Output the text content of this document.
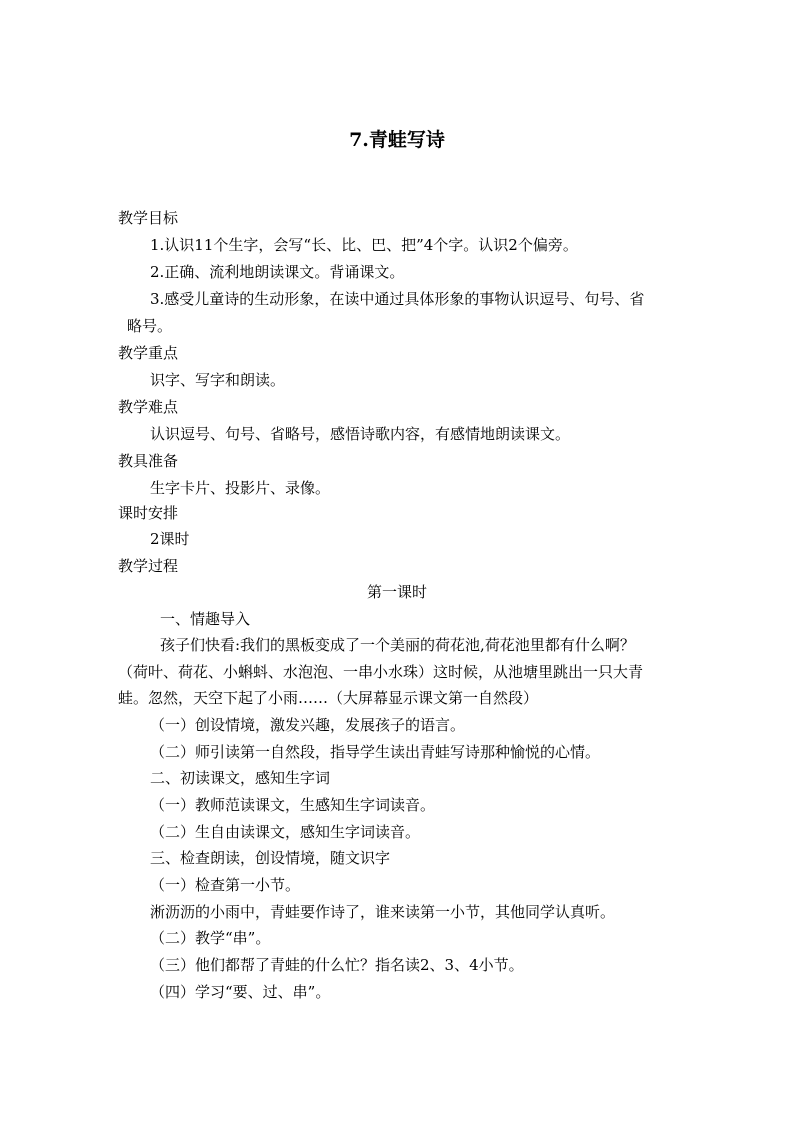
7.青蛙写诗
教学目标
1.认识11个生字，会写“长、比、巴、把”4个字。认识2个偏旁。
2.正确、流利地朗读课文。背诵课文。
3.感受儿童诗的生动形象，在读中通过具体形象的事物认识逗号、句号、省
略号。
教学重点
识字、写字和朗读。
教学难点
认识逗号、句号、省略号，感悟诗歌内容，有感情地朗读课文。
教具准备
生字卡片、投影片、录像。
课时安排
2课时
教学过程
第一课时
一、情趣导入
孩子们快看:我们的黑板变成了一个美丽的荷花池,荷花池里都有什么啊？
（荷叶、荷花、小蝌蚪、水泡泡、一串小水珠）这时候，从池塘里跳出一只大青
蛙。忽然，天空下起了小雨……（大屏幕显示课文第一自然段）
（一）创设情境，激发兴趣，发展孩子的语言。
（二）师引读第一自然段，指导学生读出青蛙写诗那种愉悦的心情。
二、初读课文，感知生字词
（一）教师范读课文，生感知生字词读音。
（二）生自由读课文，感知生字词读音。
三、检查朗读，创设情境，随文识字
（一）检查第一小节。
淅沥沥的小雨中，青蛙要作诗了，谁来读第一小节，其他同学认真听。
（二）教学“串”。
（三）他们都帮了青蛙的什么忙？指名读2、3、4小节。
（四）学习“要、过、串”。
